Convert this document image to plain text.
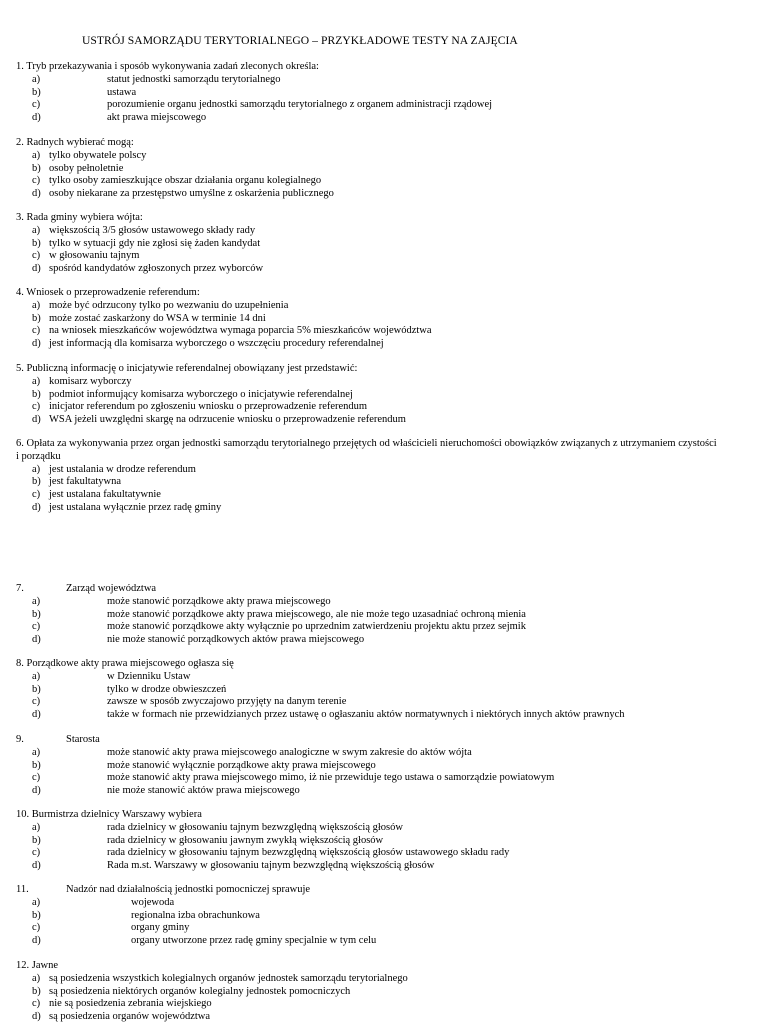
USTRÓJ SAMORZĄDU TERYTORIALNEGO – PRZYKŁADOWE TESTY NA ZAJĘCIA
1. Tryb przekazywania i sposób wykonywania zadań zleconych określa:
a)	statut jednostki samorządu terytorialnego
b)	ustawa
c)	porozumienie organu jednostki samorządu terytorialnego z organem administracji rządowej
d)	akt prawa miejscowego
2. Radnych wybierać mogą:
a) tylko obywatele polscy
b) osoby pełnoletnie
c) tylko osoby zamieszkujące obszar działania organu kolegialnego
d) osoby niekarane za przestępstwo umyślne z oskarżenia publicznego
3. Rada gminy wybiera wójta:
a) większością 3/5 głosów ustawowego składy rady
b) tylko w sytuacji gdy nie zgłosi się żaden kandydat
c) w głosowaniu tajnym
d) spośród kandydatów zgłoszonych przez wyborców
4. Wniosek o przeprowadzenie referendum:
a) może być odrzucony tylko po wezwaniu do uzupełnienia
b) może zostać zaskarżony do WSA w terminie 14 dni
c) na wniosek mieszkańców województwa wymaga poparcia 5% mieszkańców województwa
d) jest informacją dla komisarza wyborczego o wszczęciu procedury referendalnej
5. Publiczną informację o inicjatywie referendalnej obowiązany jest przedstawić:
a) komisarz wyborczy
b) podmiot informujący komisarza wyborczego o inicjatywie referendalnej
c) inicjator referendum po zgłoszeniu wniosku o przeprowadzenie referendum
d) WSA jeżeli uwzględni skargę na odrzucenie wniosku o przeprowadzenie referendum
6. Opłata za wykonywania przez organ jednostki samorządu terytorialnego przejętych od właścicieli nieruchomości obowiązków związanych z utrzymaniem czystości
i porządku
a) jest ustalania w drodze referendum
b) jest fakultatywna
c) jest ustalana fakultatywnie
d) jest ustalana wyłącznie przez radę gminy
7.	Zarząd województwa
a)	może stanowić porządkowe akty prawa miejscowego
b)	może stanowić porządkowe akty prawa miejscowego, ale nie może tego uzasadniać ochroną mienia
c)	może stanowić porządkowe akty wyłącznie po uprzednim zatwierdzeniu projektu aktu przez sejmik
d)	nie może stanowić porządkowych aktów prawa miejscowego
8. Porządkowe akty prawa miejscowego ogłasza się
a)	w Dzienniku Ustaw
b)	tylko w drodze obwieszczeń
c)	zawsze w sposób zwyczajowo przyjęty na danym terenie
d)	także w formach nie przewidzianych przez ustawę o ogłaszaniu aktów normatywnych i niektórych innych aktów prawnych
9.	Starosta
a)	może stanowić akty prawa miejscowego analogiczne w swym zakresie do aktów wójta
b)	może stanowić wyłącznie porządkowe akty prawa miejscowego
c)	może stanowić akty prawa miejscowego mimo, iż nie przewiduje tego ustawa o samorządzie powiatowym
d)	nie może stanowić aktów prawa miejscowego
10. Burmistrza dzielnicy Warszawy wybiera
a)	rada dzielnicy w głosowaniu tajnym bezwzględną większością głosów
b)	rada dzielnicy w głosowaniu jawnym zwykłą większością głosów
c)	rada dzielnicy w głosowaniu tajnym bezwzględną większością głosów ustawowego składu rady
d)	Rada m.st. Warszawy w głosowaniu tajnym bezwzględną większością głosów
11.	Nadzór nad działalnością jednostki pomocniczej sprawuje
a)	wojewoda
b)	regionalna izba obrachunkowa
c)	organy gminy
d)	organy utworzone przez radę gminy specjalnie w tym celu
12. Jawne
a) są posiedzenia wszystkich kolegialnych organów jednostek samorządu terytorialnego
b) są posiedzenia niektórych organów kolegialny jednostek pomocniczych
c) nie są posiedzenia zebrania wiejskiego
d) są posiedzenia organów województwa
